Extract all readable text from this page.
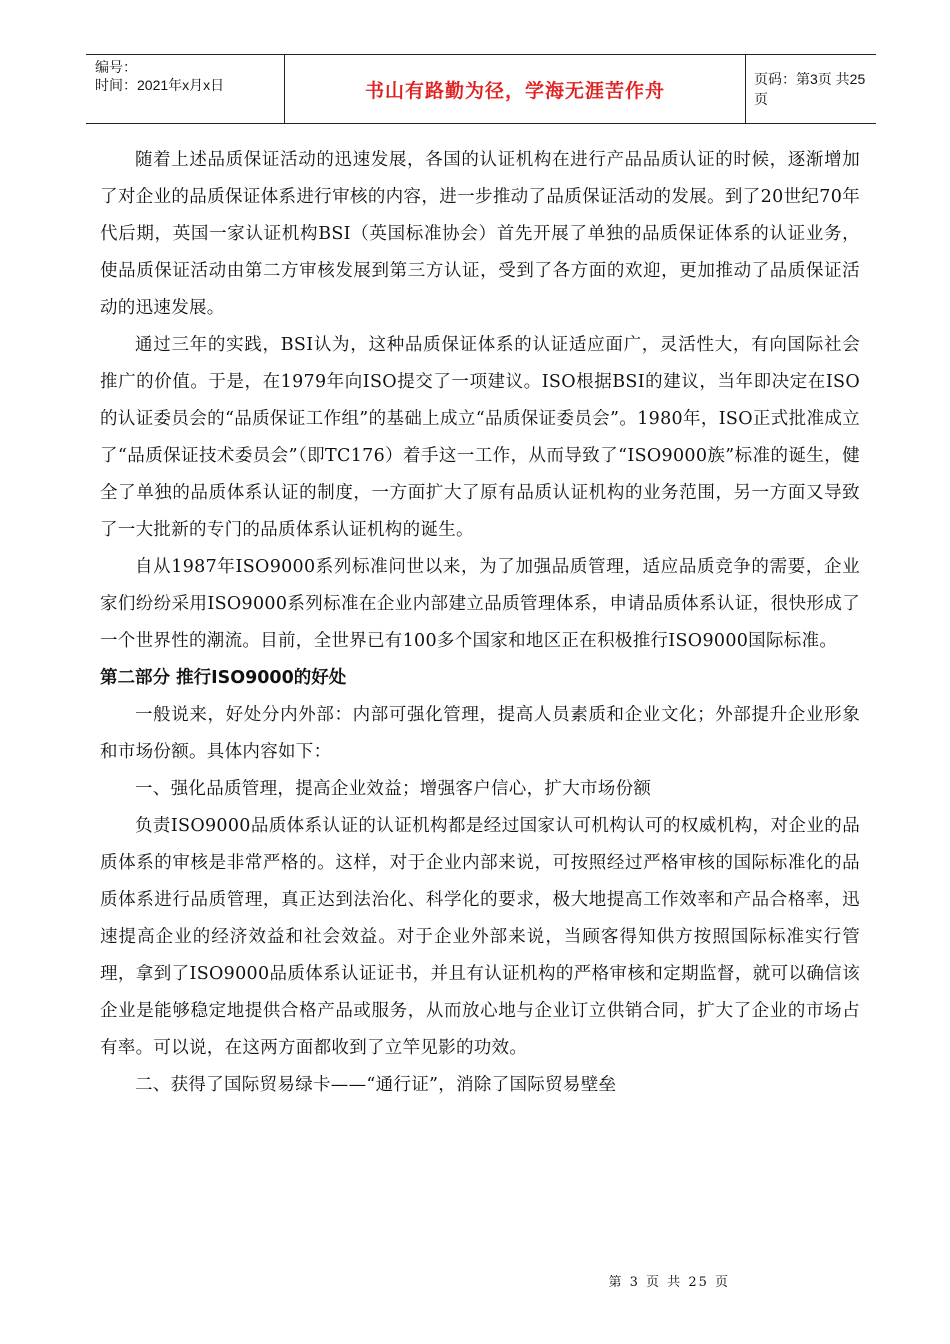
编号：
时间：2021年x月x日	书山有路勤为径，学海无涯苦作舟
页码：第3页 共25页

随着上述品质保证活动的迅速发展，各国的认证机构在进行产品品质认证的时候，逐渐增加了对企业的品质保证体系进行审核的内容，进一步推动了品质保证活动的发展。到了20世纪70年代后期，英国一家认证机构BSI（英国标准协会）首先开展了单独的品质保证体系的认证业务，使品质保证活动由第二方审核发展到第三方认证，受到了各方面的欢迎，更加推动了品质保证活动的迅速发展。

通过三年的实践，BSI认为，这种品质保证体系的认证适应面广，灵活性大，有向国际社会推广的价值。于是，在1979年向ISO提交了一项建议。ISO根据BSI的建议，当年即决定在ISO的认证委员会的“品质保证工作组”的基础上成立“品质保证委员会”。1980年，ISO正式批准成立了“品质保证技术委员会”（即TC176）着手这一工作，从而导致了“ISO9000族”标准的诞生，健全了单独的品质体系认证的制度，一方面扩大了原有品质认证机构的业务范围，另一方面又导致了一大批新的专门的品质体系认证机构的诞生。

自从1987年ISO9000系列标准问世以来，为了加强品质管理，适应品质竞争的需要，企业家们纷纷采用ISO9000系列标准在企业内部建立品质管理体系，申请品质体系认证，很快形成了一个世界性的潮流。目前，全世界已有100多个国家和地区正在积极推行ISO9000国际标准。

第二部分 推行ISO9000的好处

一般说来，好处分内外部：内部可强化管理，提高人员素质和企业文化；外部提升企业形象和市场份额。具体内容如下：

一、强化品质管理，提高企业效益；增强客户信心，扩大市场份额

负责ISO9000品质体系认证的认证机构都是经过国家认可机构认可的权威机构，对企业的品质体系的审核是非常严格的。这样，对于企业内部来说，可按照经过严格审核的国际标准化的品质体系进行品质管理，真正达到法治化、科学化的要求，极大地提高工作效率和产品合格率，迅速提高企业的经济效益和社会效益。对于企业外部来说，当顾客得知供方按照国际标准实行管理，拿到了ISO9000品质体系认证证书，并且有认证机构的严格审核和定期监督，就可以确信该企业是能够稳定地提供合格产品或服务，从而放心地与企业订立供销合同，扩大了企业的市场占有率。可以说，在这两方面都收到了立竿见影的功效。

二、获得了国际贸易绿卡——“通行证”，消除了国际贸易壁垒

第 3 页 共 25 页
